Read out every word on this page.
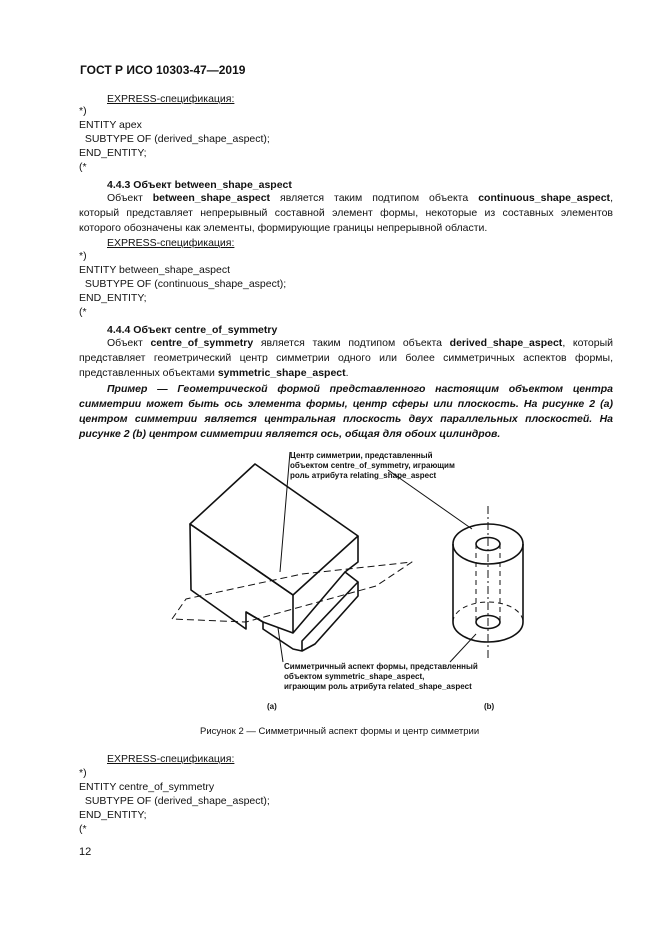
ГОСТ Р ИСО 10303-47—2019
EXPRESS-спецификация:
*)
ENTITY apex
SUBTYPE OF (derived_shape_aspect);
END_ENTITY;
(*
4.4.3 Объект between_shape_aspect
Объект between_shape_aspect является таким подтипом объекта continuous_shape_aspect, который представляет непрерывный составной элемент формы, некоторые из составных элементов которого обозначены как элементы, формирующие границы непрерывной области.
EXPRESS-спецификация:
*)
ENTITY between_shape_aspect
SUBTYPE OF (continuous_shape_aspect);
END_ENTITY;
(*
4.4.4 Объект centre_of_symmetry
Объект centre_of_symmetry является таким подтипом объекта derived_shape_aspect, который представляет геометрический центр симметрии одного или более симметричных аспектов формы, представленных объектами symmetric_shape_aspect.
Пример — Геометрической формой представленного настоящим объектом центра симметрии может быть ось элемента формы, центр сферы или плоскость. На рисунке 2 (а) центром симметрии является центральная плоскость двух параллельных плоскостей. На рисунке 2 (b) центром симметрии является ось, общая для обоих цилиндров.
Центр симметрии, представленный
объектом centre_of_symmetry, играющим
роль атрибута relating_shape_aspect
Симметричный аспект формы, представленный
объектом symmetric_shape_aspect,
играющим роль атрибута related_shape_aspect
(a)	(b)
Рисунок 2 — Симметричный аспект формы и центр симметрии
EXPRESS-спецификация:
*)
ENTITY centre_of_symmetry
SUBTYPE OF (derived_shape_aspect);
END_ENTITY;
(*
12
